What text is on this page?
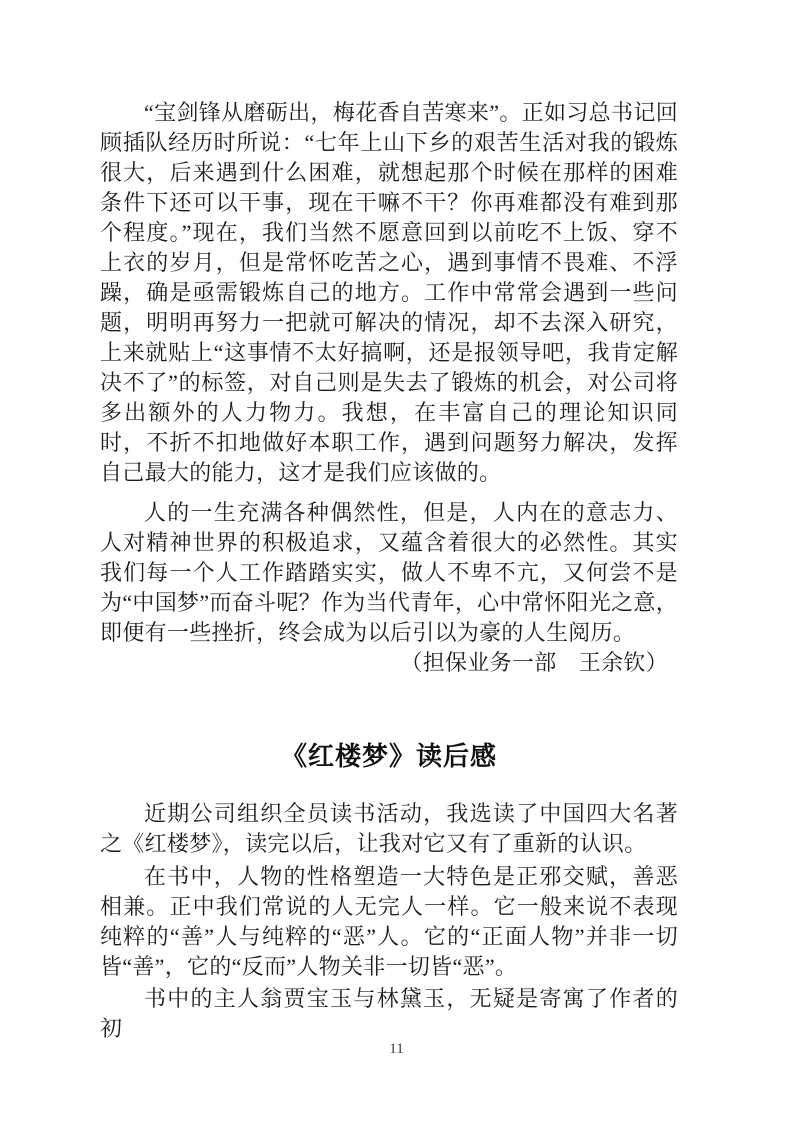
“宝剑锋从磨砺出，梅花香自苦寒来”。正如习总书记回顾插队经历时所说：“七年上山下乡的艰苦生活对我的锻炼很大，后来遇到什么困难，就想起那个时候在那样的困难条件下还可以干事，现在干嘛不干？你再难都没有难到那个程度。”现在，我们当然不愿意回到以前吃不上饭、穿不上衣的岁月，但是常怀吃苦之心，遇到事情不畏难、不浮躁，确是亟需锻炼自己的地方。工作中常常会遇到一些问题，明明再努力一把就可解决的情况，却不去深入研究，上来就贴上“这事情不太好搞啊，还是报领导吧，我肯定解决不了”的标签，对自己则是失去了锻炼的机会，对公司将多出额外的人力物力。我想，在丰富自己的理论知识同时，不折不扣地做好本职工作，遇到问题努力解决，发挥自己最大的能力，这才是我们应该做的。

人的一生充满各种偶然性，但是，人内在的意志力、人对精神世界的积极追求，又蕴含着很大的必然性。其实我们每一个人工作踏踏实实，做人不卑不亢，又何尝不是为“中国梦”而奋斗呢？作为当代青年，心中常怀阳光之意，即便有一些挫折，终会成为以后引以为豪的人生阅历。

（担保业务一部　王余钦）

《红楼梦》读后感

近期公司组织全员读书活动，我选读了中国四大名著之《红楼梦》，读完以后，让我对它又有了重新的认识。

在书中，人物的性格塑造一大特色是正邪交赋，善恶相兼。正中我们常说的人无完人一样。它一般来说不表现纯粹的“善”人与纯粹的“恶”人。它的“正面人物”并非一切皆“善”，它的“反而”人物关非一切皆“恶”。

书中的主人翁贾宝玉与林黛玉，无疑是寄寓了作者的初

11
